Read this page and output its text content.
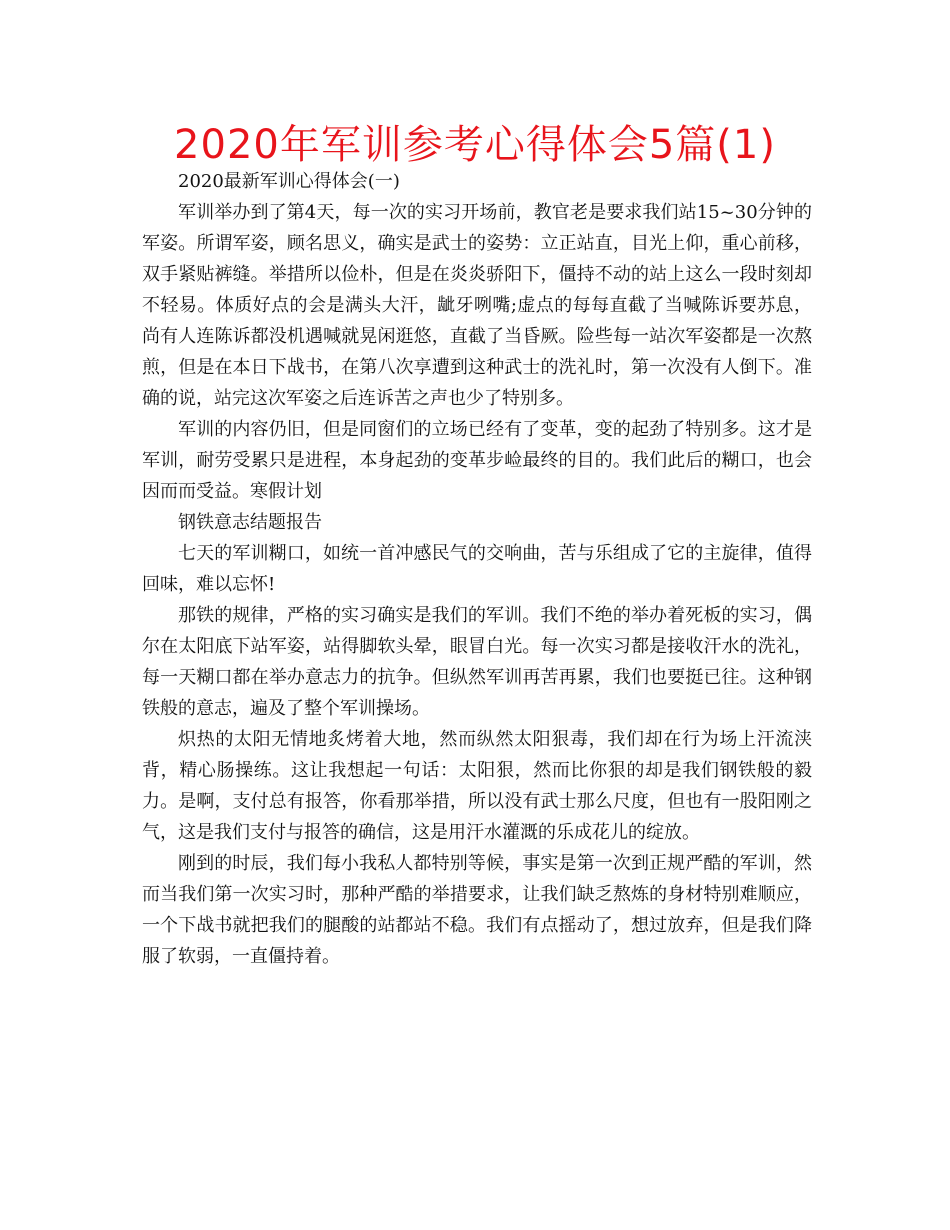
2020年军训参考心得体会5篇(1)

2020最新军训心得体会(一)

军训举办到了第4天，每一次的实习开场前，教官老是要求我们站15~30分钟的军姿。所谓军姿，顾名思义，确实是武士的姿势：立正站直，目光上仰，重心前移，双手紧贴裤缝。举措所以俭朴，但是在炎炎骄阳下，僵持不动的站上这么一段时刻却不轻易。体质好点的会是满头大汗，龇牙咧嘴;虚点的每每直截了当喊陈诉要苏息，尚有人连陈诉都没机遇喊就晃闲逛悠，直截了当昏厥。险些每一站次军姿都是一次熬煎，但是在本日下战书，在第八次享遭到这种武士的洗礼时，第一次没有人倒下。准确的说，站完这次军姿之后连诉苦之声也少了特别多。

军训的内容仍旧，但是同窗们的立场已经有了变革，变的起劲了特别多。这才是军训，耐劳受累只是进程，本身起劲的变革步崄最终的目的。我们此后的糊口，也会因而而受益。寒假计划

钢铁意志结题报告

七天的军训糊口，如统一首冲感民气的交响曲，苦与乐组成了它的主旋律，值得回味，难以忘怀!

那铁的规律，严格的实习确实是我们的军训。我们不绝的举办着死板的实习，偶尔在太阳底下站军姿，站得脚软头晕，眼冒白光。每一次实习都是接收汗水的洗礼，每一天糊口都在举办意志力的抗争。但纵然军训再苦再累，我们也要挺已往。这种钢铁般的意志，遍及了整个军训操场。

炽热的太阳无情地炙烤着大地，然而纵然太阳狠毒，我们却在行为场上汗流浃背，精心肠操练。这让我想起一句话：太阳狠，然而比你狠的却是我们钢铁般的毅力。是啊，支付总有报答，你看那举措，所以没有武士那么尺度，但也有一股阳刚之气，这是我们支付与报答的确信，这是用汗水灌溉的乐成花儿的绽放。

刚到的时辰，我们每小我私人都特别等候，事实是第一次到正规严酷的军训，然而当我们第一次实习时，那种严酷的举措要求，让我们缺乏熬炼的身材特别难顺应，一个下战书就把我们的腿酸的站都站不稳。我们有点摇动了，想过放弃，但是我们降服了软弱，一直僵持着。
